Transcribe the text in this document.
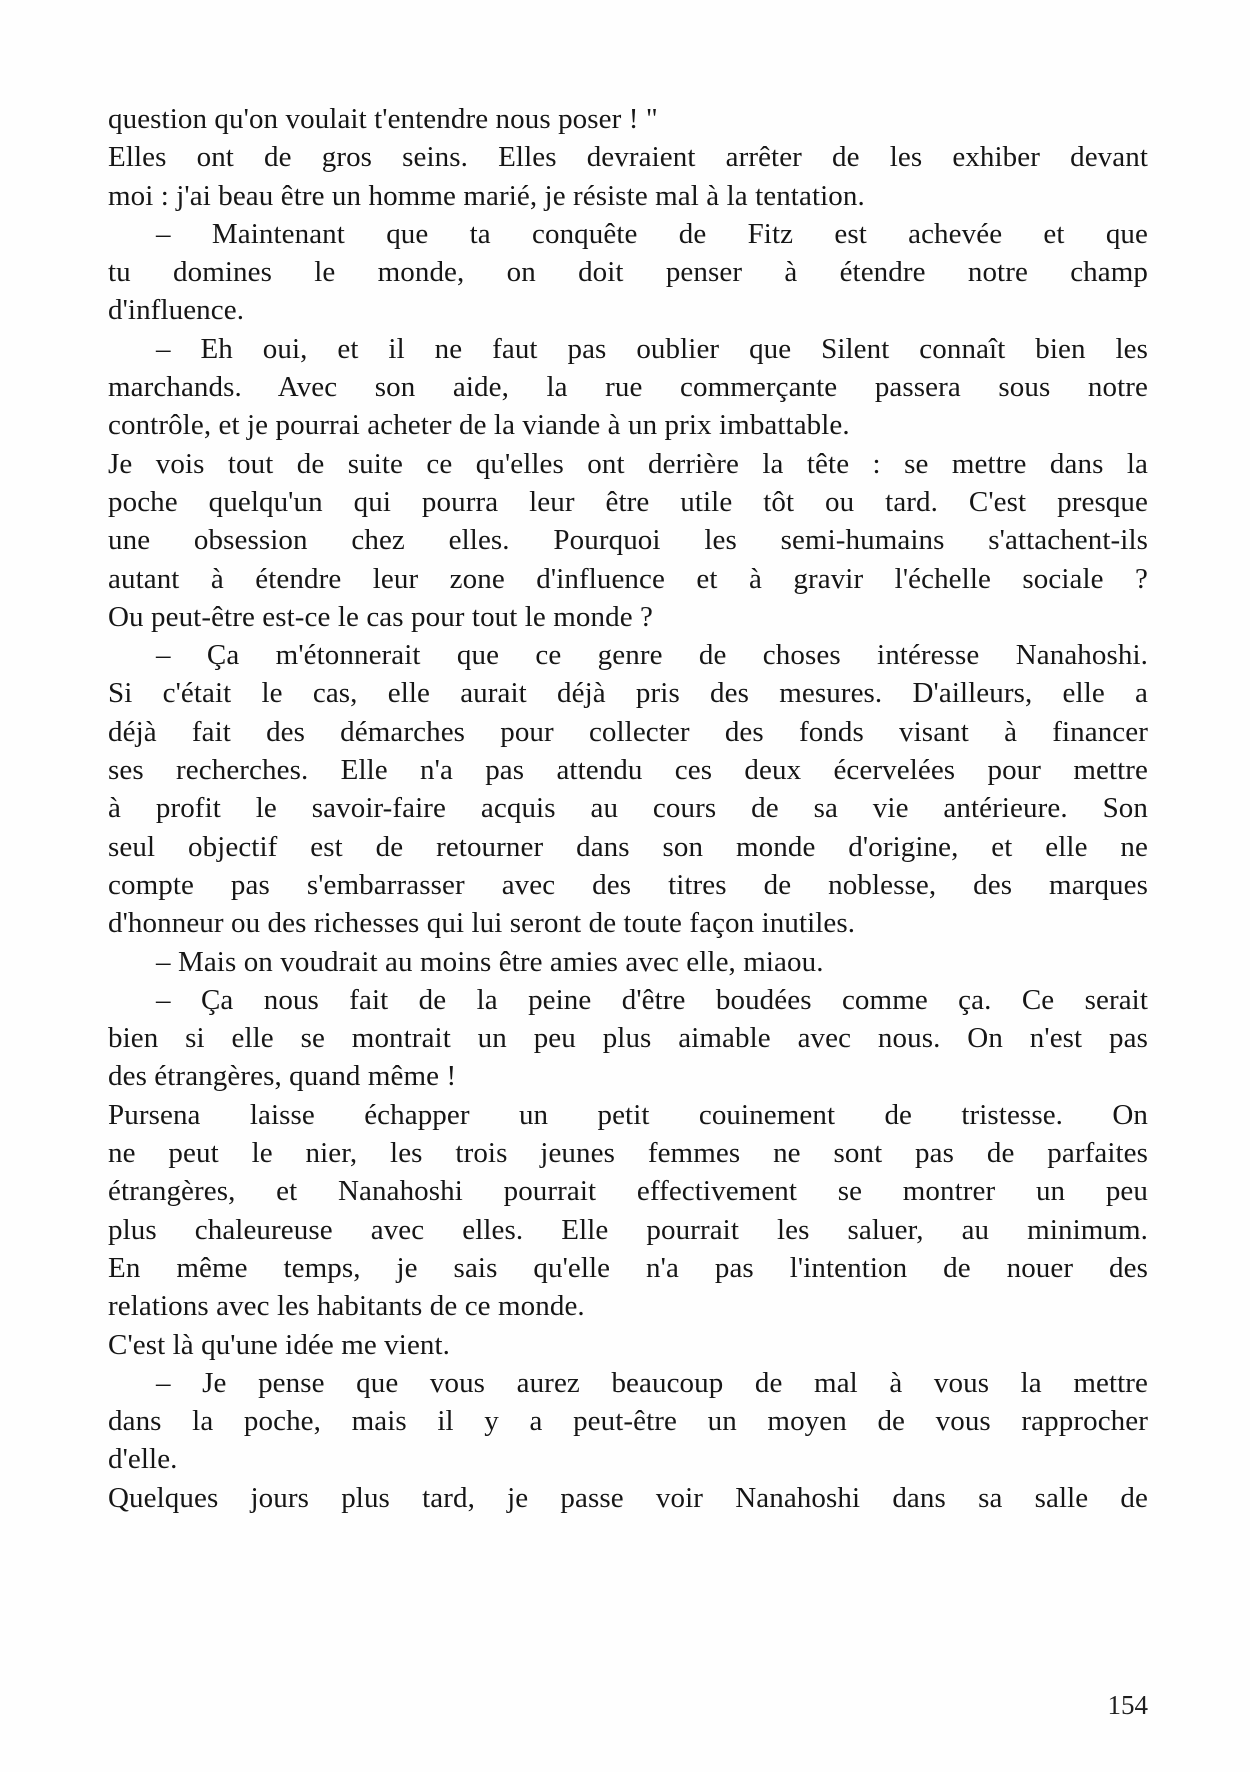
question qu'on voulait t'entendre nous poser ! "
Elles ont de gros seins. Elles devraient arrêter de les exhiber devant
moi : j'ai beau être un homme marié, je résiste mal à la tentation.
– Maintenant que ta conquête de Fitz est achevée et que
tu domines le monde, on doit penser à étendre notre champ
d'influence.
– Eh oui, et il ne faut pas oublier que Silent connaît bien les
marchands. Avec son aide, la rue commerçante passera sous notre
contrôle, et je pourrai acheter de la viande à un prix imbattable.
Je vois tout de suite ce qu'elles ont derrière la tête : se mettre dans la
poche quelqu'un qui pourra leur être utile tôt ou tard. C'est presque
une obsession chez elles. Pourquoi les semi-humains s'attachent-ils
autant à étendre leur zone d'influence et à gravir l'échelle sociale ?
Ou peut-être est-ce le cas pour tout le monde ?
– Ça m'étonnerait que ce genre de choses intéresse Nanahoshi.
Si c'était le cas, elle aurait déjà pris des mesures. D'ailleurs, elle a
déjà fait des démarches pour collecter des fonds visant à financer
ses recherches. Elle n'a pas attendu ces deux écervelées pour mettre
à profit le savoir-faire acquis au cours de sa vie antérieure. Son
seul objectif est de retourner dans son monde d'origine, et elle ne
compte pas s'embarrasser avec des titres de noblesse, des marques
d'honneur ou des richesses qui lui seront de toute façon inutiles.
– Mais on voudrait au moins être amies avec elle, miaou.
– Ça nous fait de la peine d'être boudées comme ça. Ce serait
bien si elle se montrait un peu plus aimable avec nous. On n'est pas
des étrangères, quand même !
Pursena laisse échapper un petit couinement de tristesse. On
ne peut le nier, les trois jeunes femmes ne sont pas de parfaites
étrangères, et Nanahoshi pourrait effectivement se montrer un peu
plus chaleureuse avec elles. Elle pourrait les saluer, au minimum.
En même temps, je sais qu'elle n'a pas l'intention de nouer des
relations avec les habitants de ce monde.
C'est là qu'une idée me vient.
– Je pense que vous aurez beaucoup de mal à vous la mettre
dans la poche, mais il y a peut-être un moyen de vous rapprocher
d'elle.
Quelques jours plus tard, je passe voir Nanahoshi dans sa salle de
154
